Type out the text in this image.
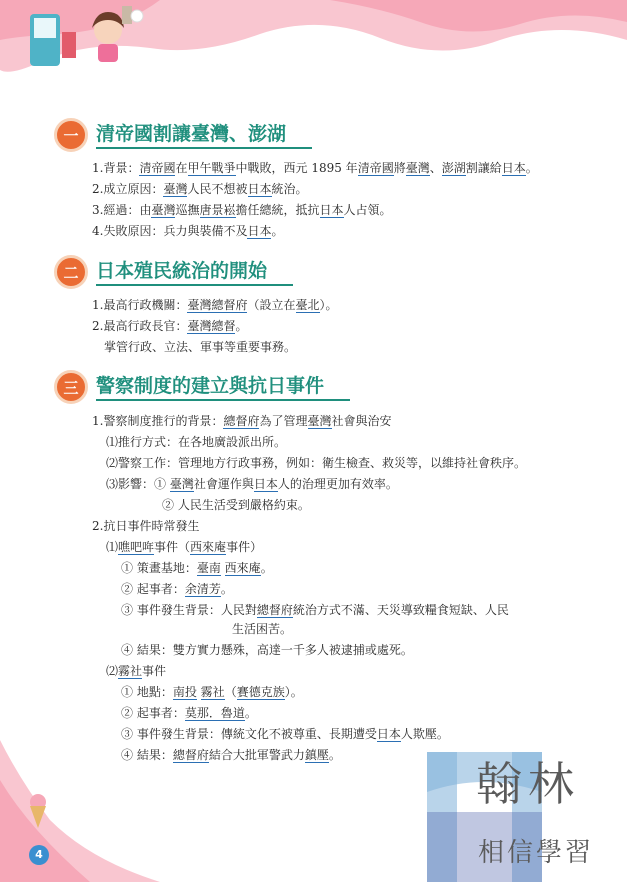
4
翰林
相信學習
一 清帝國割讓臺灣、澎湖
1.背景：清帝國在甲午戰爭中戰敗，西元 1895 年清帝國將臺灣、澎湖割讓給日本。
2.成立原因：臺灣人民不想被日本統治。
3.經過：由臺灣巡撫唐景崧擔任總統，抵抗日本人占領。
4.失敗原因：兵力與裝備不及日本。
二 日本殖民統治的開始
1.最高行政機關：臺灣總督府（設立在臺北）。
2.最高行政長官：臺灣總督。
掌管行政、立法、軍事等重要事務。
三 警察制度的建立與抗日事件
1.警察制度推行的背景：總督府為了管理臺灣社會與治安
⑴推行方式：在各地廣設派出所。
⑵警察工作：管理地方行政事務，例如：衛生檢查、救災等，以維持社會秩序。
⑶影響：① 臺灣社會運作與日本人的治理更加有效率。
② 人民生活受到嚴格約束。
2.抗日事件時常發生
⑴噍吧哖事件（西來庵事件）
① 策畫基地：臺南 西來庵。
② 起事者：余清芳。
③ 事件發生背景：人民對總督府統治方式不滿、天災導致糧食短缺、人民
生活困苦。
④ 結果：雙方實力懸殊，高達一千多人被逮捕或處死。
⑵霧社事件
① 地點：南投 霧社（賽德克族）。
② 起事者：莫那．魯道。
③ 事件發生背景：傳統文化不被尊重、長期遭受日本人欺壓。
④ 結果：總督府結合大批軍警武力鎮壓。
